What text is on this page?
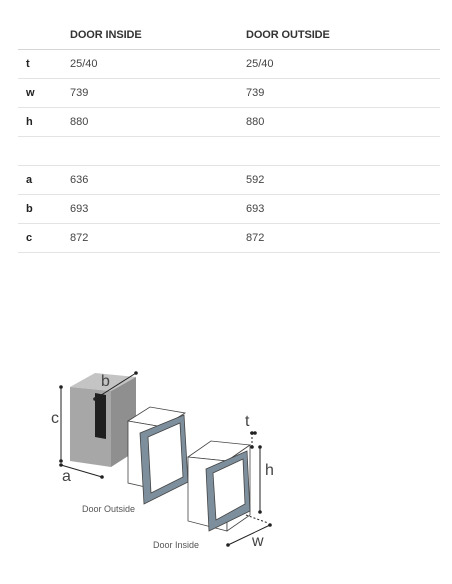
	DOOR INSIDE	DOOR OUTSIDE
t	25/40	25/40
w	739	739
h	880	880

a	636	592
b	693	693
c	872	872
c
a
b
Door Outside
t
h
w
Door Inside
